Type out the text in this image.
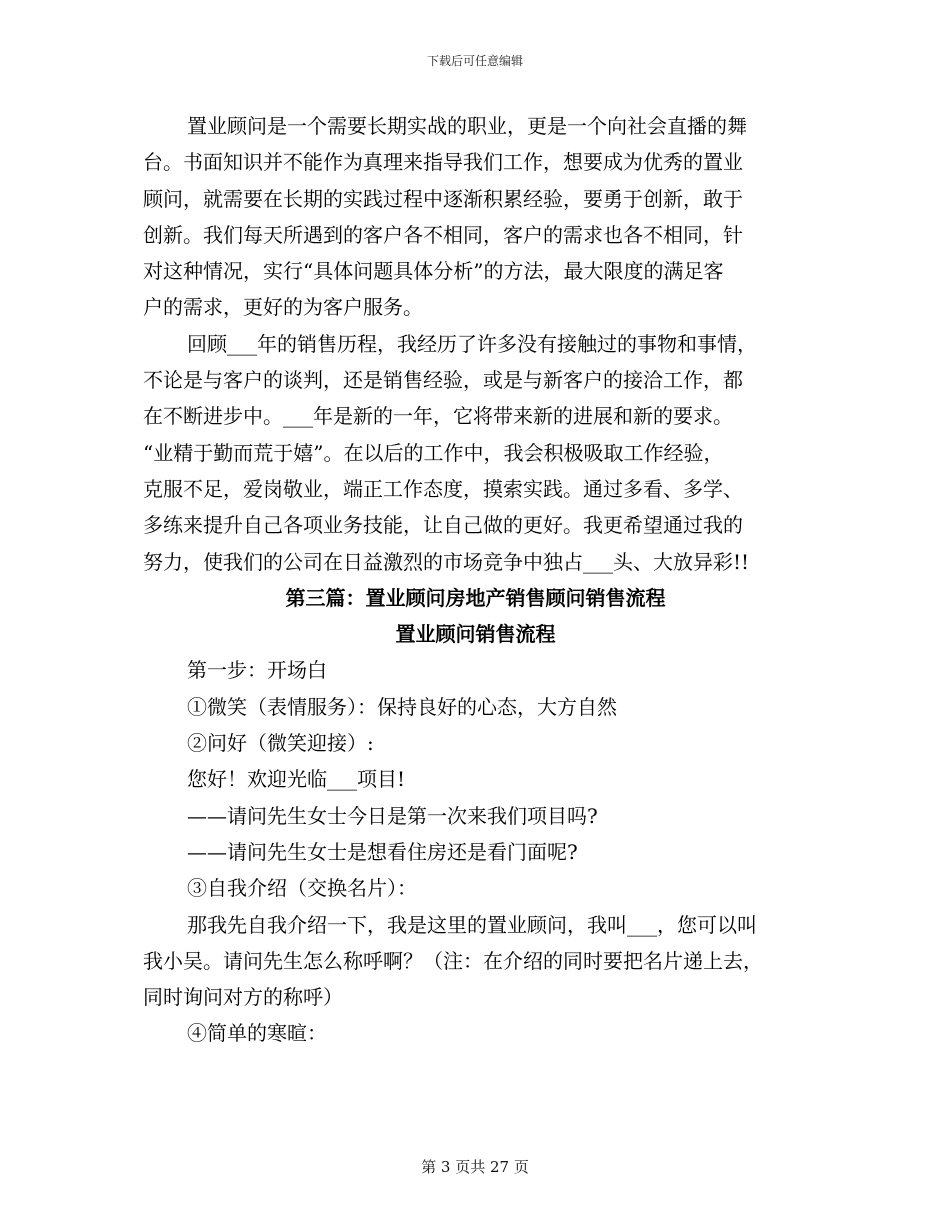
下载后可任意编辑

置业顾问是一个需要长期实战的职业，更是一个向社会直播的舞

台。书面知识并不能作为真理来指导我们工作，想要成为优秀的置业

顾问，就需要在长期的实践过程中逐渐积累经验，要勇于创新，敢于

创新。我们每天所遇到的客户各不相同，客户的需求也各不相同，针

对这种情况，实行“具体问题具体分析”的方法，最大限度的满足客

户的需求，更好的为客户服务。

回顾___年的销售历程，我经历了许多没有接触过的事物和事情，

不论是与客户的谈判，还是销售经验，或是与新客户的接洽工作，都

在不断进步中。___年是新的一年，它将带来新的进展和新的要求。

“业精于勤而荒于嬉”。在以后的工作中，我会积极吸取工作经验，

克服不足，爱岗敬业，端正工作态度，摸索实践。通过多看、多学、

多练来提升自己各项业务技能，让自己做的更好。我更希望通过我的

努力，使我们的公司在日益激烈的市场竞争中独占___头、大放异彩!!

第三篇：置业顾问房地产销售顾问销售流程

置业顾问销售流程

第一步：开场白

①微笑（表情服务）：保持良好的心态，大方自然

②问好（微笑迎接）:

您好！欢迎光临___项目!

——请问先生女士今日是第一次来我们项目吗?

——请问先生女士是想看住房还是看门面呢?

③自我介绍（交换名片）：

那我先自我介绍一下，我是这里的置业顾问，我叫___，您可以叫

我小吴。请问先生怎么称呼啊？（注：在介绍的同时要把名片递上去，

同时询问对方的称呼）

④简单的寒暄：

第 3 页共 27 页
